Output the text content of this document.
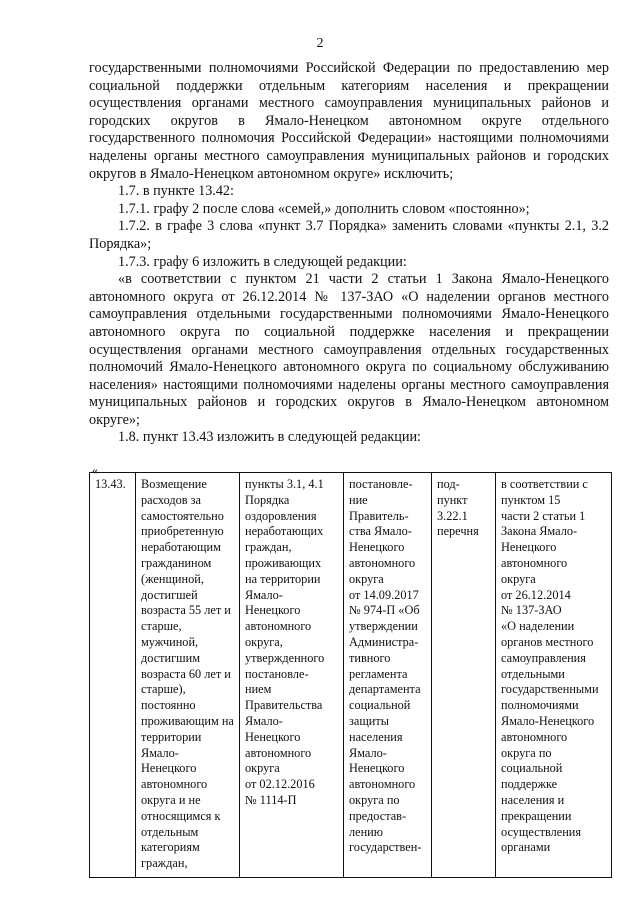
2

государственными полномочиями Российской Федерации по предоставлению мер социальной поддержки отдельным категориям населения и прекращении осуществления органами местного самоуправления муниципальных районов и городских округов в Ямало-Ненецком автономном округе отдельного государственного полномочия Российской Федерации» настоящими полномочиями наделены органы местного самоуправления муниципальных районов и городских округов в Ямало-Ненецком автономном округе» исключить;

1.7. в пункте 13.42:

1.7.1. графу 2 после слова «семей,» дополнить словом «постоянно»;

1.7.2. в графе 3 слова «пункт 3.7 Порядка» заменить словами «пункты 2.1, 3.2 Порядка»;

1.7.3. графу 6 изложить в следующей редакции:

«в соответствии с пунктом 21 части 2 статьи 1 Закона Ямало-Ненецкого автономного округа от 26.12.2014 № 137-ЗАО «О наделении органов местного самоуправления отдельными государственными полномочиями Ямало-Ненецкого автономного округа по социальной поддержке населения и прекращении осуществления органами местного самоуправления отдельных государственных полномочий Ямало-Ненецкого автономного округа по социальному обслуживанию населения» настоящими полномочиями наделены органы местного самоуправления муниципальных районов и городских округов в Ямало-Ненецком автономном округе»;

1.8. пункт 13.43 изложить в следующей редакции:

«
13.43.	Возмещение
расходов за
самостоятельно
приобретенную
неработающим
гражданином
(женщиной,
достигшей
возраста 55 лет и
старше,
мужчиной,
достигшим
возраста 60 лет и
старше),
постоянно
проживающим на
территории
Ямало-Ненецкого
автономного
округа и не
относящимся к
отдельным
категориям
граждан,

пункты 3.1, 4.1
Порядка
оздоровления
неработающих
граждан,
проживающих
на территории
Ямало-
Ненецкого
автономного
округа,
утвержденного
постановле-
нием
Правительства
Ямало-
Ненецкого
автономного
округа
от 02.12.2016
№ 1114-П

постановле-
ние
Правитель-
ства Ямало-
Ненецкого
автономного
округа
от 14.09.2017
№ 974-П «Об
утверждении
Администра-
тивного
регламента
департамента
социальной
защиты
населения
Ямало-
Ненецкого
автономного
округа по
предостав-
лению
государствен-

под-
пункт
3.22.1
перечня

в соответствии с
пунктом 15
части 2 статьи 1
Закона Ямало-
Ненецкого
автономного
округа
от 26.12.2014
№ 137-ЗАО
«О наделении
органов местного
самоуправления
отдельными
государственными
полномочиями
Ямало-Ненецкого
автономного
округа по
социальной
поддержке
населения и
прекращении
осуществления
органами
